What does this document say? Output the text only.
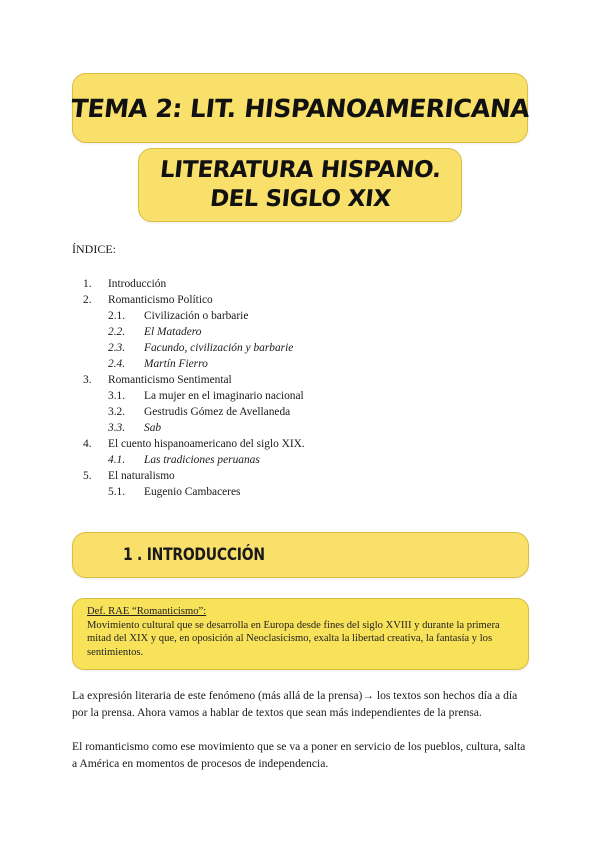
TEMA 2: LIT. HISPANOAMERICANA
LITERATURA HISPANO.
DEL SIGLO XIX
ÍNDICE:
1. Introducción
2. Romanticismo Político
2.1. Civilización o barbarie
2.2. El Matadero
2.3. Facundo, civilización y barbarie
2.4. Martín Fierro
3. Romanticismo Sentimental
3.1. La mujer en el imaginario nacional
3.2. Gestrudis Gómez de Avellaneda
3.3. Sab
4. El cuento hispanoamericano del siglo XIX.
4.1. Las tradiciones peruanas
5. El naturalismo
5.1. Eugenio Cambaceres
1 . INTRODUCCIÓN
Def. RAE “Romanticismo”:
Movimiento cultural que se desarrolla en Europa desde fines del siglo XVIII y durante la primera mitad del XIX y que, en oposición al Neoclasicismo, exalta la libertad creativa, la fantasía y los sentimientos.

La expresión literaria de este fenómeno (más allá de la prensa)→ los textos son hechos día a día por la prensa. Ahora vamos a hablar de textos que sean más independientes de la prensa.

El romanticismo como ese movimiento que se va a poner en servicio de los pueblos, cultura, salta a América en momentos de procesos de independencia.
